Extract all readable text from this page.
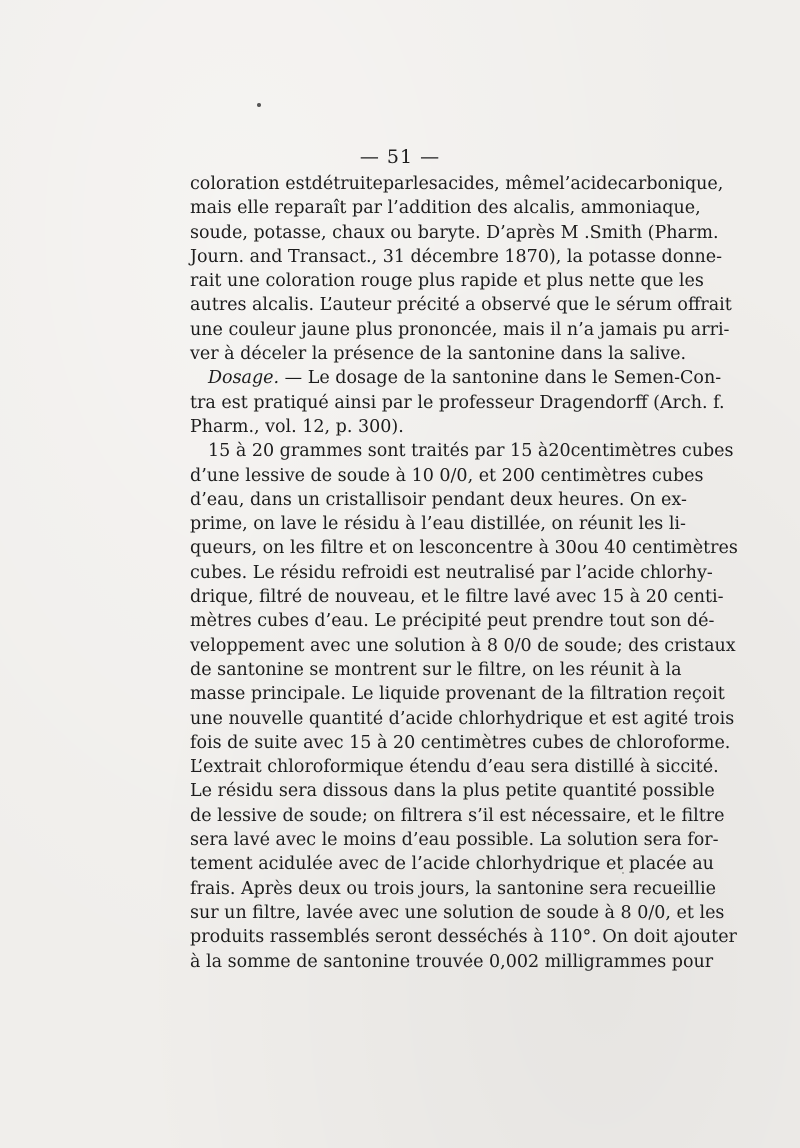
— 51 —
coloration estdétruiteparlesacides, mêmel’acidecarbonique,
mais elle reparaît par l’addition des alcalis, ammoniaque,
soude, potasse, chaux ou baryte. D’après M .Smith (Pharm.
Journ. and Transact., 31 décembre 1870), la potasse donne-
rait une coloration rouge plus rapide et plus nette que les
autres alcalis. L’auteur précité a observé que le sérum offrait
une couleur jaune plus prononcée, mais il n’a jamais pu arri-
ver à déceler la présence de la santonine dans la salive.
Dosage. — Le dosage de la santonine dans le Semen-Con-
tra est pratiqué ainsi par le professeur Dragendorff (Arch. f.
Pharm., vol. 12, p. 300).
15 à 20 grammes sont traités par 15 à20centimètres cubes
d’une lessive de soude à 10 0/0, et 200 centimètres cubes
d’eau, dans un cristallisoir pendant deux heures. On ex-
prime, on lave le résidu à l’eau distillée, on réunit les li-
queurs, on les filtre et on lesconcentre à 30ou 40 centimètres
cubes. Le résidu refroidi est neutralisé par l’acide chlorhy-
drique, filtré de nouveau, et le filtre lavé avec 15 à 20 centi-
mètres cubes d’eau. Le précipité peut prendre tout son dé-
veloppement avec une solution à 8 0/0 de soude; des cristaux
de santonine se montrent sur le filtre, on les réunit à la
masse principale. Le liquide provenant de la filtration reçoit
une nouvelle quantité d’acide chlorhydrique et est agité trois
fois de suite avec 15 à 20 centimètres cubes de chloroforme.
L’extrait chloroformique étendu d’eau sera distillé à siccité.
Le résidu sera dissous dans la plus petite quantité possible
de lessive de soude; on filtrera s’il est nécessaire, et le filtre
sera lavé avec le moins d’eau possible. La solution sera for-
tement acidulée avec de l’acide chlorhydrique et placée au
frais. Après deux ou trois jours, la santonine sera recueillie
sur un filtre, lavée avec une solution de soude à 8 0/0, et les
produits rassemblés seront desséchés à 110°. On doit ajouter
à la somme de santonine trouvée 0,002 milligrammes pour
